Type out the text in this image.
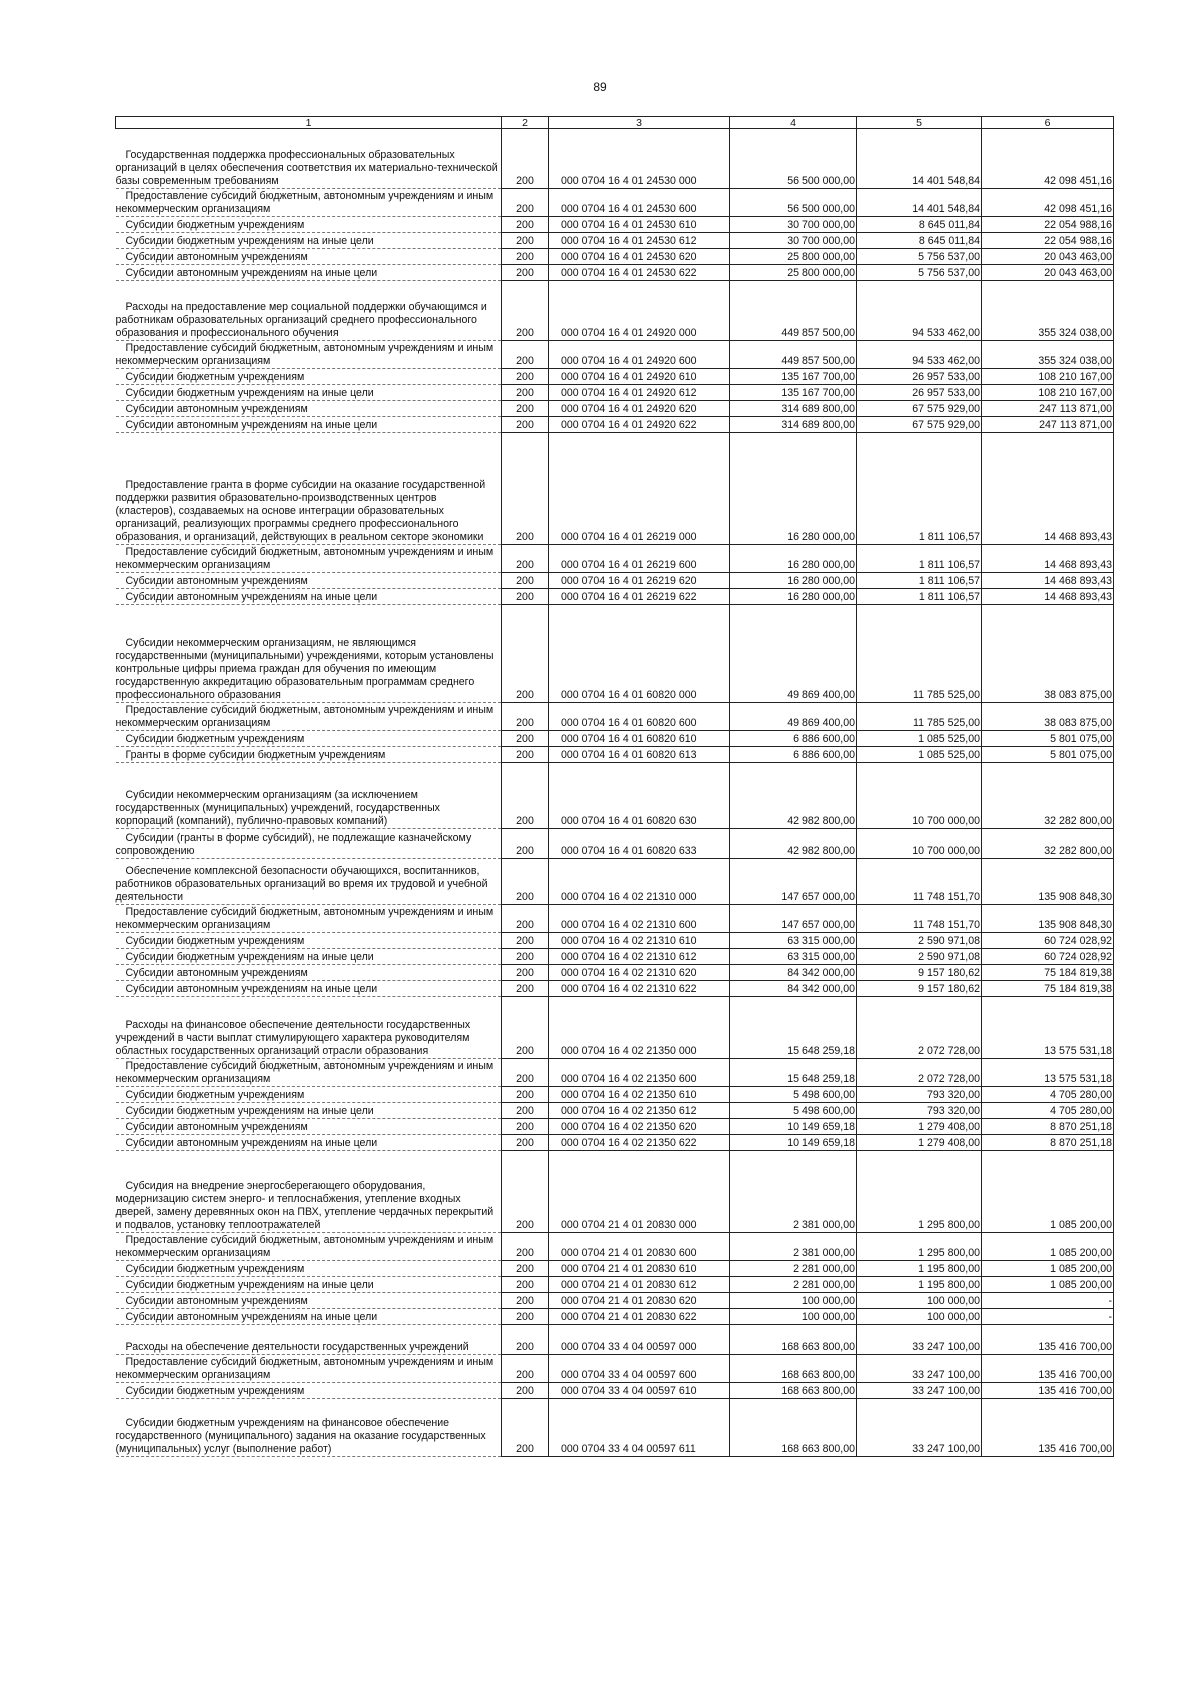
89
1	2	3	4	5	6
Государственная поддержка профессиональных образовательных организаций в целях обеспечения соответствия их материально-технической базы современным требованиям	200	000 0704 16 4 01 24530 000	56 500 000,00	14 401 548,84	42 098 451,16
Предоставление субсидий бюджетным, автономным учреждениям и иным некоммерческим организациям	200	000 0704 16 4 01 24530 600	56 500 000,00	14 401 548,84	42 098 451,16
Субсидии бюджетным учреждениям	200	000 0704 16 4 01 24530 610	30 700 000,00	8 645 011,84	22 054 988,16
Субсидии бюджетным учреждениям на иные цели	200	000 0704 16 4 01 24530 612	30 700 000,00	8 645 011,84	22 054 988,16
Субсидии автономным учреждениям	200	000 0704 16 4 01 24530 620	25 800 000,00	5 756 537,00	20 043 463,00
Субсидии автономным учреждениям на иные цели	200	000 0704 16 4 01 24530 622	25 800 000,00	5 756 537,00	20 043 463,00
Расходы на предоставление мер социальной поддержки обучающимся и работникам образовательных организаций среднего профессионального образования и профессионального обучения	200	000 0704 16 4 01 24920 000	449 857 500,00	94 533 462,00	355 324 038,00
Предоставление субсидий бюджетным, автономным учреждениям и иным некоммерческим организациям	200	000 0704 16 4 01 24920 600	449 857 500,00	94 533 462,00	355 324 038,00
Субсидии бюджетным учреждениям	200	000 0704 16 4 01 24920 610	135 167 700,00	26 957 533,00	108 210 167,00
Субсидии бюджетным учреждениям на иные цели	200	000 0704 16 4 01 24920 612	135 167 700,00	26 957 533,00	108 210 167,00
Субсидии автономным учреждениям	200	000 0704 16 4 01 24920 620	314 689 800,00	67 575 929,00	247 113 871,00
Субсидии автономным учреждениям на иные цели	200	000 0704 16 4 01 24920 622	314 689 800,00	67 575 929,00	247 113 871,00
Предоставление гранта в форме субсидии на оказание государственной поддержки развития образовательно-производственных центров (кластеров), создаваемых на основе интеграции образовательных организаций, реализующих программы среднего профессионального образования, и организаций, действующих в реальном секторе экономики	200	000 0704 16 4 01 26219 000	16 280 000,00	1 811 106,57	14 468 893,43
Предоставление субсидий бюджетным, автономным учреждениям и иным некоммерческим организациям	200	000 0704 16 4 01 26219 600	16 280 000,00	1 811 106,57	14 468 893,43
Субсидии автономным учреждениям	200	000 0704 16 4 01 26219 620	16 280 000,00	1 811 106,57	14 468 893,43
Субсидии автономным учреждениям на иные цели	200	000 0704 16 4 01 26219 622	16 280 000,00	1 811 106,57	14 468 893,43
Субсидии некоммерческим организациям, не являющимся государственными (муниципальными) учреждениями, которым установлены контрольные цифры приема граждан для обучения по имеющим государственную аккредитацию образовательным программам среднего профессионального образования	200	000 0704 16 4 01 60820 000	49 869 400,00	11 785 525,00	38 083 875,00
Предоставление субсидий бюджетным, автономным учреждениям и иным некоммерческим организациям	200	000 0704 16 4 01 60820 600	49 869 400,00	11 785 525,00	38 083 875,00
Субсидии бюджетным учреждениям	200	000 0704 16 4 01 60820 610	6 886 600,00	1 085 525,00	5 801 075,00
Гранты в форме субсидии бюджетным учреждениям	200	000 0704 16 4 01 60820 613	6 886 600,00	1 085 525,00	5 801 075,00
Субсидии некоммерческим организациям (за исключением государственных (муниципальных) учреждений, государственных корпораций (компаний), публично-правовых компаний)	200	000 0704 16 4 01 60820 630	42 982 800,00	10 700 000,00	32 282 800,00
Субсидии (гранты в форме субсидий), не подлежащие казначейскому сопровождению	200	000 0704 16 4 01 60820 633	42 982 800,00	10 700 000,00	32 282 800,00
Обеспечение комплексной безопасности обучающихся, воспитанников, работников образовательных организаций во время их трудовой и учебной деятельности	200	000 0704 16 4 02 21310 000	147 657 000,00	11 748 151,70	135 908 848,30
Предоставление субсидий бюджетным, автономным учреждениям и иным некоммерческим организациям	200	000 0704 16 4 02 21310 600	147 657 000,00	11 748 151,70	135 908 848,30
Субсидии бюджетным учреждениям	200	000 0704 16 4 02 21310 610	63 315 000,00	2 590 971,08	60 724 028,92
Субсидии бюджетным учреждениям на иные цели	200	000 0704 16 4 02 21310 612	63 315 000,00	2 590 971,08	60 724 028,92
Субсидии автономным учреждениям	200	000 0704 16 4 02 21310 620	84 342 000,00	9 157 180,62	75 184 819,38
Субсидии автономным учреждениям на иные цели	200	000 0704 16 4 02 21310 622	84 342 000,00	9 157 180,62	75 184 819,38
Расходы на финансовое обеспечение деятельности государственных учреждений в части выплат стимулирующего характера руководителям областных государственных организаций отрасли образования	200	000 0704 16 4 02 21350 000	15 648 259,18	2 072 728,00	13 575 531,18
Предоставление субсидий бюджетным, автономным учреждениям и иным некоммерческим организациям	200	000 0704 16 4 02 21350 600	15 648 259,18	2 072 728,00	13 575 531,18
Субсидии бюджетным учреждениям	200	000 0704 16 4 02 21350 610	5 498 600,00	793 320,00	4 705 280,00
Субсидии бюджетным учреждениям на иные цели	200	000 0704 16 4 02 21350 612	5 498 600,00	793 320,00	4 705 280,00
Субсидии автономным учреждениям	200	000 0704 16 4 02 21350 620	10 149 659,18	1 279 408,00	8 870 251,18
Субсидии автономным учреждениям на иные цели	200	000 0704 16 4 02 21350 622	10 149 659,18	1 279 408,00	8 870 251,18
Субсидия на внедрение энергосберегающего оборудования, модернизацию систем энерго- и теплоснабжения, утепление входных дверей, замену деревянных окон на ПВХ, утепление чердачных перекрытий и подвалов, установку теплоотражателей	200	000 0704 21 4 01 20830 000	2 381 000,00	1 295 800,00	1 085 200,00
Предоставление субсидий бюджетным, автономным учреждениям и иным некоммерческим организациям	200	000 0704 21 4 01 20830 600	2 381 000,00	1 295 800,00	1 085 200,00
Субсидии бюджетным учреждениям	200	000 0704 21 4 01 20830 610	2 281 000,00	1 195 800,00	1 085 200,00
Субсидии бюджетным учреждениям на иные цели	200	000 0704 21 4 01 20830 612	2 281 000,00	1 195 800,00	1 085 200,00
Субсидии автономным учреждениям	200	000 0704 21 4 01 20830 620	100 000,00	100 000,00	-
Субсидии автономным учреждениям на иные цели	200	000 0704 21 4 01 20830 622	100 000,00	100 000,00	-
Расходы на обеспечение деятельности государственных учреждений	200	000 0704 33 4 04 00597 000	168 663 800,00	33 247 100,00	135 416 700,00
Предоставление субсидий бюджетным, автономным учреждениям и иным некоммерческим организациям	200	000 0704 33 4 04 00597 600	168 663 800,00	33 247 100,00	135 416 700,00
Субсидии бюджетным учреждениям	200	000 0704 33 4 04 00597 610	168 663 800,00	33 247 100,00	135 416 700,00
Субсидии бюджетным учреждениям на финансовое обеспечение государственного (муниципального) задания на оказание государственных (муниципальных) услуг (выполнение работ)	200	000 0704 33 4 04 00597 611	168 663 800,00	33 247 100,00	135 416 700,00
